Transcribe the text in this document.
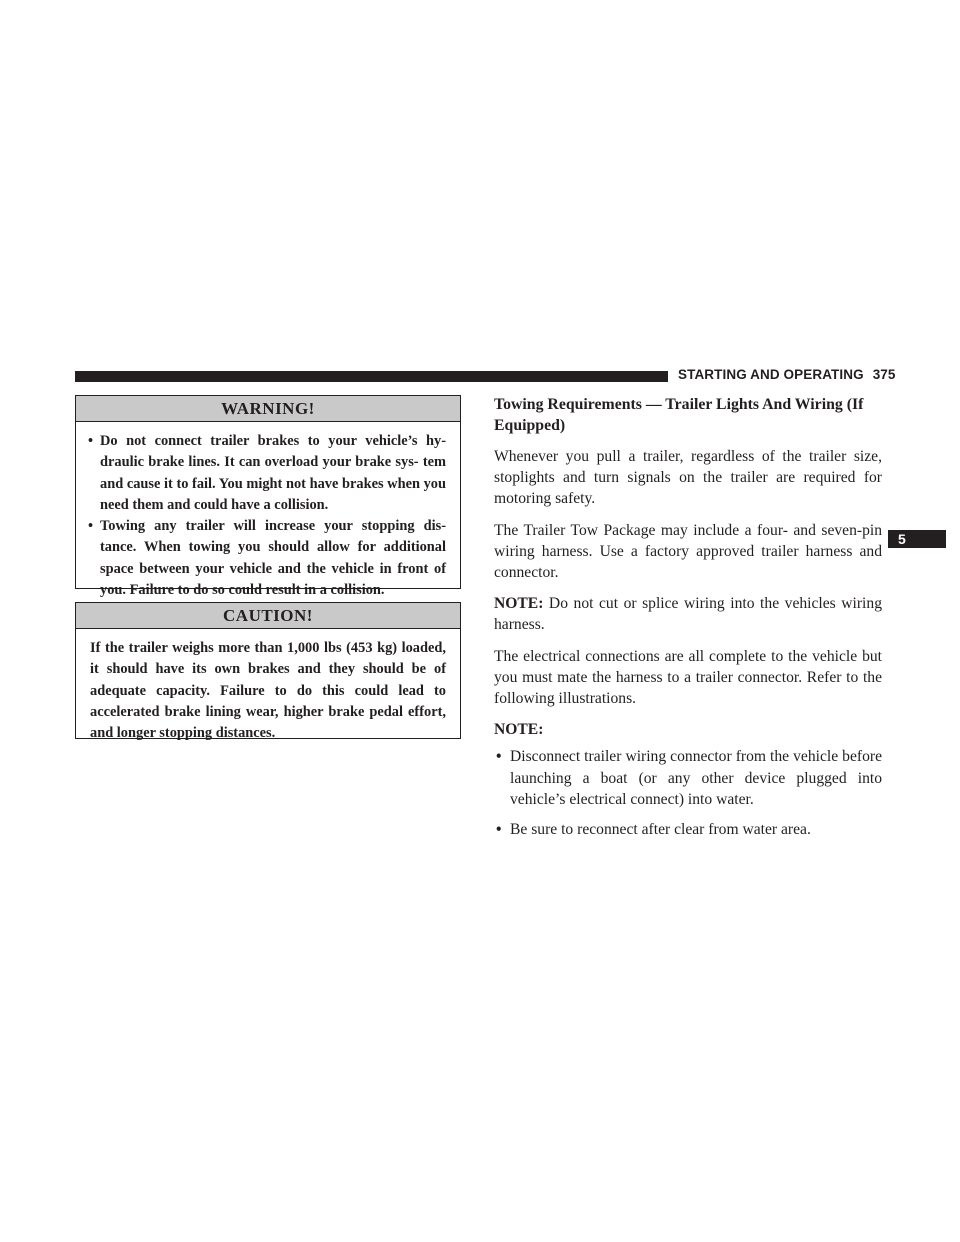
STARTING AND OPERATING 375
5
WARNING!
• Do not connect trailer brakes to your vehicle’s hy- draulic brake lines. It can overload your brake sys- tem and cause it to fail. You might not have brakes when you need them and could have a collision.
• Towing any trailer will increase your stopping dis- tance. When towing you should allow for additional space between your vehicle and the vehicle in front of you. Failure to do so could result in a collision.
CAUTION!
If the trailer weighs more than 1,000 lbs (453 kg) loaded, it should have its own brakes and they should be of adequate capacity. Failure to do this could lead to accelerated brake lining wear, higher brake pedal effort, and longer stopping distances.
Towing Requirements — Trailer Lights And Wiring (If Equipped)

Whenever you pull a trailer, regardless of the trailer size, stoplights and turn signals on the trailer are required for motoring safety.

The Trailer Tow Package may include a four- and seven-pin wiring harness. Use a factory approved trailer harness and connector.

NOTE: Do not cut or splice wiring into the vehicles wiring harness.

The electrical connections are all complete to the vehicle but you must mate the harness to a trailer connector. Refer to the following illustrations.

NOTE:

• Disconnect trailer wiring connector from the vehicle before launching a boat (or any other device plugged into vehicle’s electrical connect) into water.
• Be sure to reconnect after clear from water area.
